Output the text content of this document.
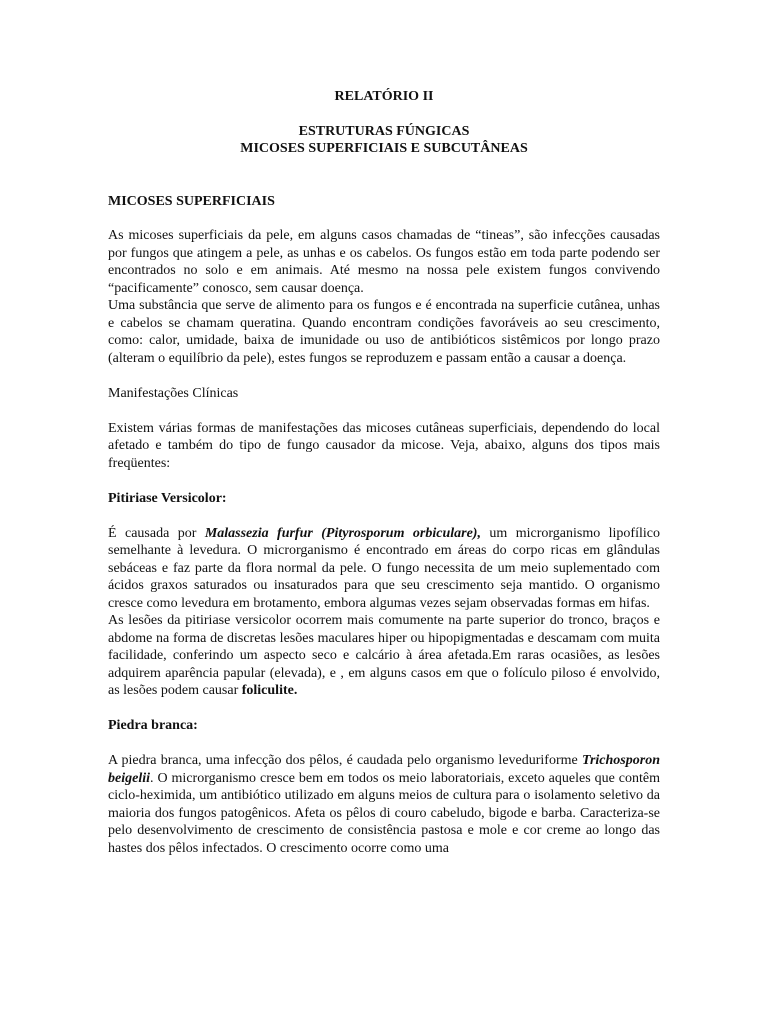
RELATÓRIO II
ESTRUTURAS FÚNGICAS
MICOSES SUPERFICIAIS E SUBCUTÂNEAS
MICOSES SUPERFICIAIS

As micoses superficiais da pele, em alguns casos chamadas de “tineas”, são infecções causadas por fungos que atingem a pele, as unhas e os cabelos. Os fungos estão em toda parte podendo ser encontrados no solo e em animais. Até mesmo na nossa pele existem fungos convivendo “pacificamente” conosco, sem causar doença.

Uma substância que serve de alimento para os fungos e é encontrada na superficie cutânea, unhas e cabelos se chamam queratina. Quando encontram condições favoráveis ao seu crescimento, como: calor, umidade, baixa de imunidade ou uso de antibióticos sistêmicos por longo prazo (alteram o equilíbrio da pele), estes fungos se reproduzem e passam então a causar a doença.

Manifestações Clínicas

Existem várias formas de manifestações das micoses cutâneas superficiais, dependendo do local afetado e também do tipo de fungo causador da micose. Veja, abaixo, alguns dos tipos mais freqüentes:

Pitiriase Versicolor:

É causada por Malassezia furfur (Pityrosporum orbiculare), um microrganismo lipofílico semelhante à levedura. O microrganismo é encontrado em áreas do corpo ricas em glândulas sebáceas e faz parte da flora normal da pele. O fungo necessita de um meio suplementado com ácidos graxos saturados ou insaturados para que seu crescimento seja mantido. O organismo cresce como levedura em brotamento, embora algumas vezes sejam observadas formas em hifas.

As lesões da pitiriase versicolor ocorrem mais comumente na parte superior do tronco, braços e abdome na forma de discretas lesões maculares hiper ou hipopigmentadas e descamam com muita facilidade, conferindo um aspecto seco e calcário à área afetada.Em raras ocasiões, as lesões adquirem aparência papular (elevada), e , em alguns casos em que o folículo piloso é envolvido, as lesões podem causar foliculite.

Piedra branca:

A piedra branca, uma infecção dos pêlos, é caudada pelo organismo leveduriforme Trichosporon beigelii. O microrganismo cresce bem em todos os meio laboratoriais, exceto aqueles que contêm ciclo-heximida, um antibiótico utilizado em alguns meios de cultura para o isolamento seletivo da maioria dos fungos patogênicos. Afeta os pêlos di couro cabeludo, bigode e barba. Caracteriza-se pelo desenvolvimento de crescimento de consistência pastosa e mole e cor creme ao longo das hastes dos pêlos infectados. O crescimento ocorre como uma
